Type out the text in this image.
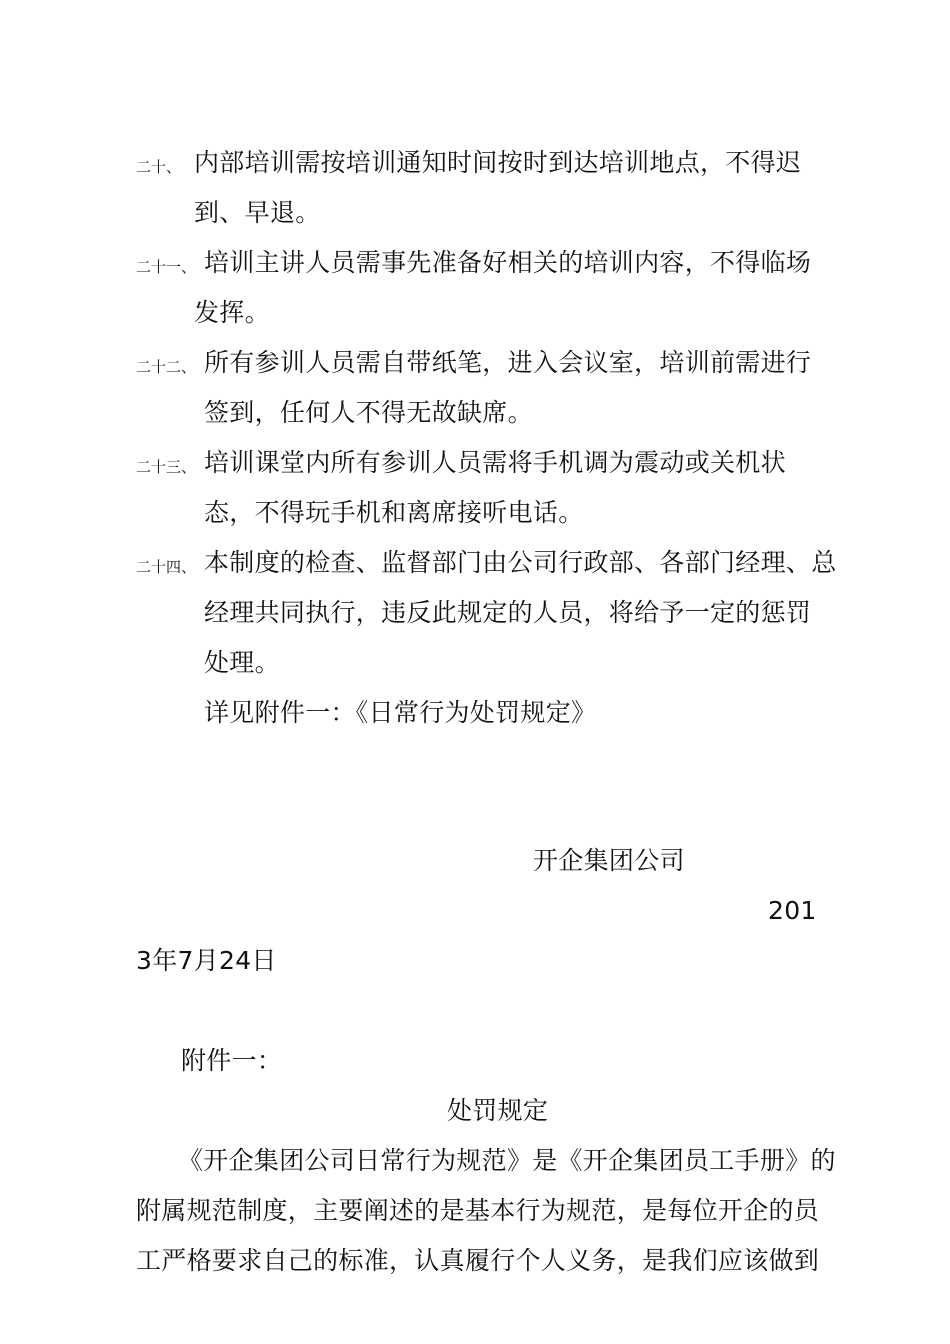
二十、 内部培训需按培训通知时间按时到达培训地点，不得迟
到、早退。
二十一、 培训主讲人员需事先准备好相关的培训内容，不得临场
发挥。
二十二、 所有参训人员需自带纸笔，进入会议室，培训前需进行
签到，任何人不得无故缺席。
二十三、 培训课堂内所有参训人员需将手机调为震动或关机状
态，不得玩手机和离席接听电话。
二十四、 本制度的检查、监督部门由公司行政部、各部门经理、总
经理共同执行，违反此规定的人员，将给予一定的惩罚
处理。
详见附件一：《日常行为处罚规定》
开企集团公司
201
3年7月24日
附件一：
处罚规定
《开企集团公司日常行为规范》是《开企集团员工手册》的
附属规范制度，主要阐述的是基本行为规范，是每位开企的员
工严格要求自己的标准，认真履行个人义务，是我们应该做到
